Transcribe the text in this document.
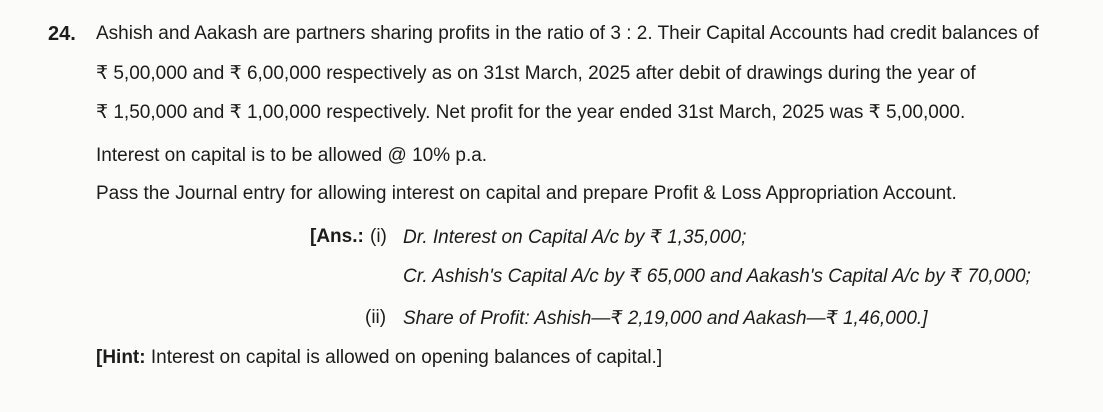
24. Ashish and Aakash are partners sharing profits in the ratio of 3 : 2. Their Capital Accounts had credit balances of
₹ 5,00,000 and ₹ 6,00,000 respectively as on 31st March, 2025 after debit of drawings during the year of
₹ 1,50,000 and ₹ 1,00,000 respectively. Net profit for the year ended 31st March, 2025 was ₹ 5,00,000.
Interest on capital is to be allowed @ 10% p.a.
Pass the Journal entry for allowing interest on capital and prepare Profit & Loss Appropriation Account.
[Ans.: (i) Dr. Interest on Capital A/c by ₹ 1,35,000;
Cr. Ashish's Capital A/c by ₹ 65,000 and Aakash's Capital A/c by ₹ 70,000;
(ii) Share of Profit: Ashish—₹ 2,19,000 and Aakash—₹ 1,46,000.]
[Hint: Interest on capital is allowed on opening balances of capital.]
